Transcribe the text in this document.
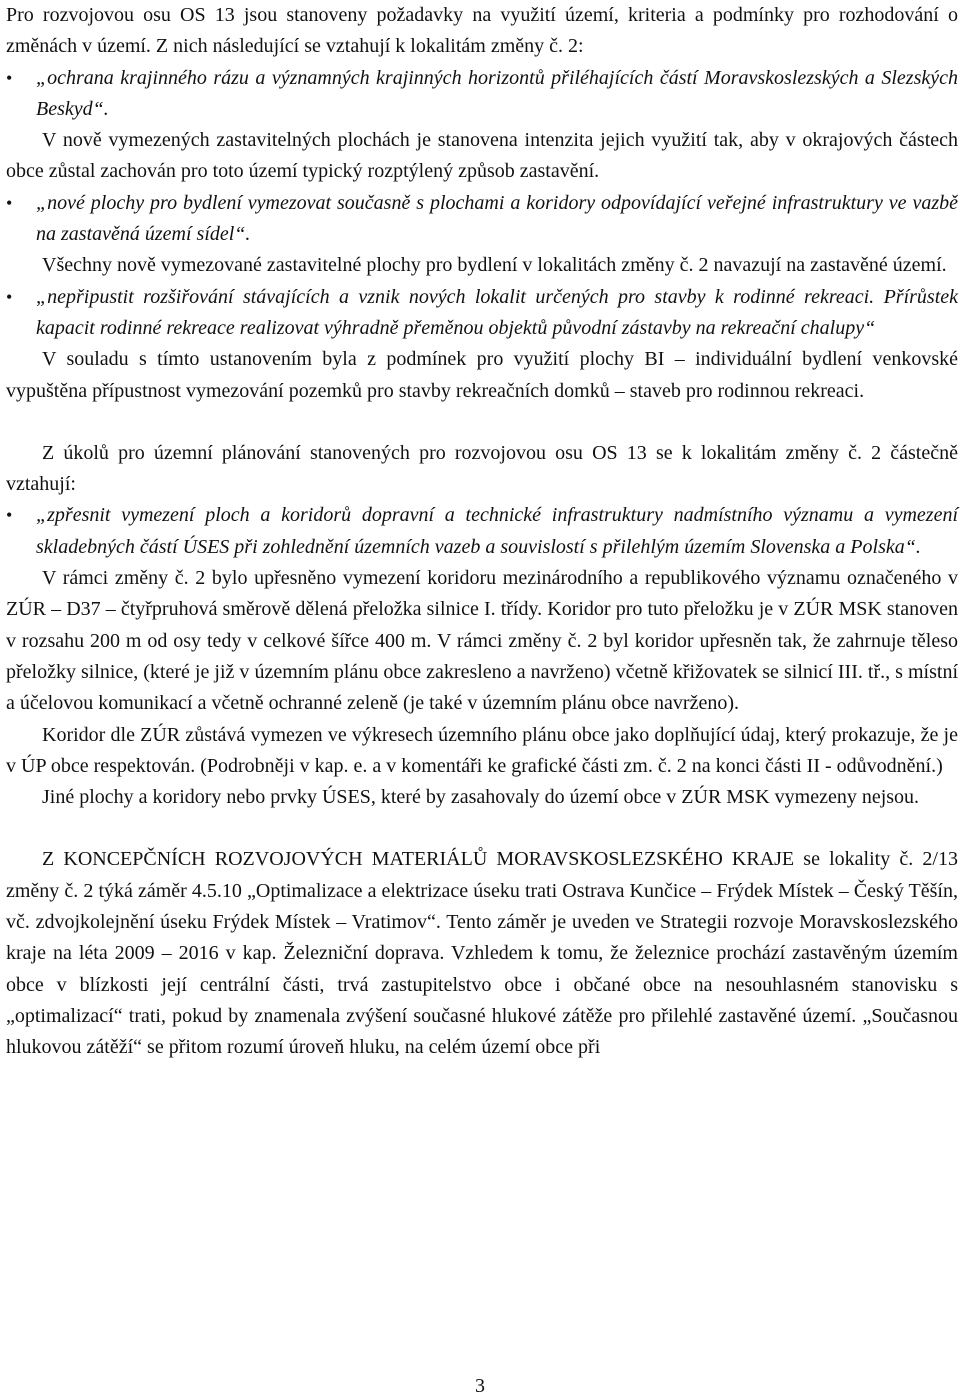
Pro rozvojovou osu OS 13 jsou stanoveny požadavky na využití území, kriteria a podmínky pro rozhodování o změnách v území. Z nich následující se vztahují k lokalitám změny č. 2:

• „ochrana krajinného rázu a významných krajinných horizontů přiléhajících částí Moravskoslezských a Slezských Beskyd“.

V nově vymezených zastavitelných plochách je stanovena intenzita jejich využití tak, aby v okrajových částech obce zůstal zachován pro toto území typický rozptýlený způsob zastavění.

• „nové plochy pro bydlení vymezovat současně s plochami a koridory odpovídající veřejné infrastruktury ve vazbě na zastavěná území sídel“.

Všechny nově vymezované zastavitelné plochy pro bydlení v lokalitách změny č. 2 navazují na zastavěné území.

• „nepřipustit rozšiřování stávajících a vznik nových lokalit určených pro stavby k rodinné rekreaci. Přírůstek kapacit rodinné rekreace realizovat výhradně přeměnou objektů původní zástavby na rekreační chalupy“

V souladu s tímto ustanovením byla z podmínek pro využití plochy BI – individuální bydlení venkovské vypuštěna přípustnost vymezování pozemků pro stavby rekreačních domků – staveb pro rodinnou rekreaci.

Z úkolů pro územní plánování stanovených pro rozvojovou osu OS 13 se k lokalitám změny č. 2 částečně vztahují:

• „zpřesnit vymezení ploch a koridorů dopravní a technické infrastruktury nadmístního významu a vymezení skladebných částí ÚSES při zohlednění územních vazeb a souvislostí s přilehlým územím Slovenska a Polska“.

V rámci změny č. 2 bylo upřesněno vymezení koridoru mezinárodního a republikového významu označeného v ZÚR – D37 – čtyřpruhová směrově dělená přeložka silnice I. třídy. Koridor pro tuto přeložku je v ZÚR MSK stanoven v rozsahu 200 m od osy tedy v celkové šířce 400 m. V rámci změny č. 2 byl koridor upřesněn tak, že zahrnuje těleso přeložky silnice, (které je již v územním plánu obce zakresleno a navrženo) včetně křižovatek se silnicí III. tř., s místní a účelovou komunikací a včetně ochranné zeleně (je také v územním plánu obce navrženo).

Koridor dle ZÚR zůstává vymezen ve výkresech územního plánu obce jako doplňující údaj, který prokazuje, že je v ÚP obce respektován. (Podrobněji v kap. e. a v komentáři ke grafické části zm. č. 2 na konci části II - odůvodnění.)

Jiné plochy a koridory nebo prvky ÚSES, které by zasahovaly do území obce v ZÚR MSK vymezeny nejsou.

Z KONCEPČNÍCH ROZVOJOVÝCH MATERIÁLŮ MORAVSKOSLEZSKÉHO KRAJE se lokality č. 2/13 změny č. 2 týká záměr 4.5.10 „Optimalizace a elektrizace úseku trati Ostrava Kunčice – Frýdek Místek – Český Těšín, vč. zdvojkolejnění úseku Frýdek Místek – Vratimov“. Tento záměr je uveden ve Strategii rozvoje Moravskoslezského kraje na léta 2009 – 2016 v kap. Železniční doprava. Vzhledem k tomu, že železnice prochází zastavěným územím obce v blízkosti její centrální části, trvá zastupitelstvo obce i občané obce na nesouhlasném stanovisku s „optimalizací“ trati, pokud by znamenala zvýšení současné hlukové zátěže pro přilehlé zastavěné území. „Současnou hlukovou zátěží“ se přitom rozumí úroveň hluku, na celém území obce při

3
